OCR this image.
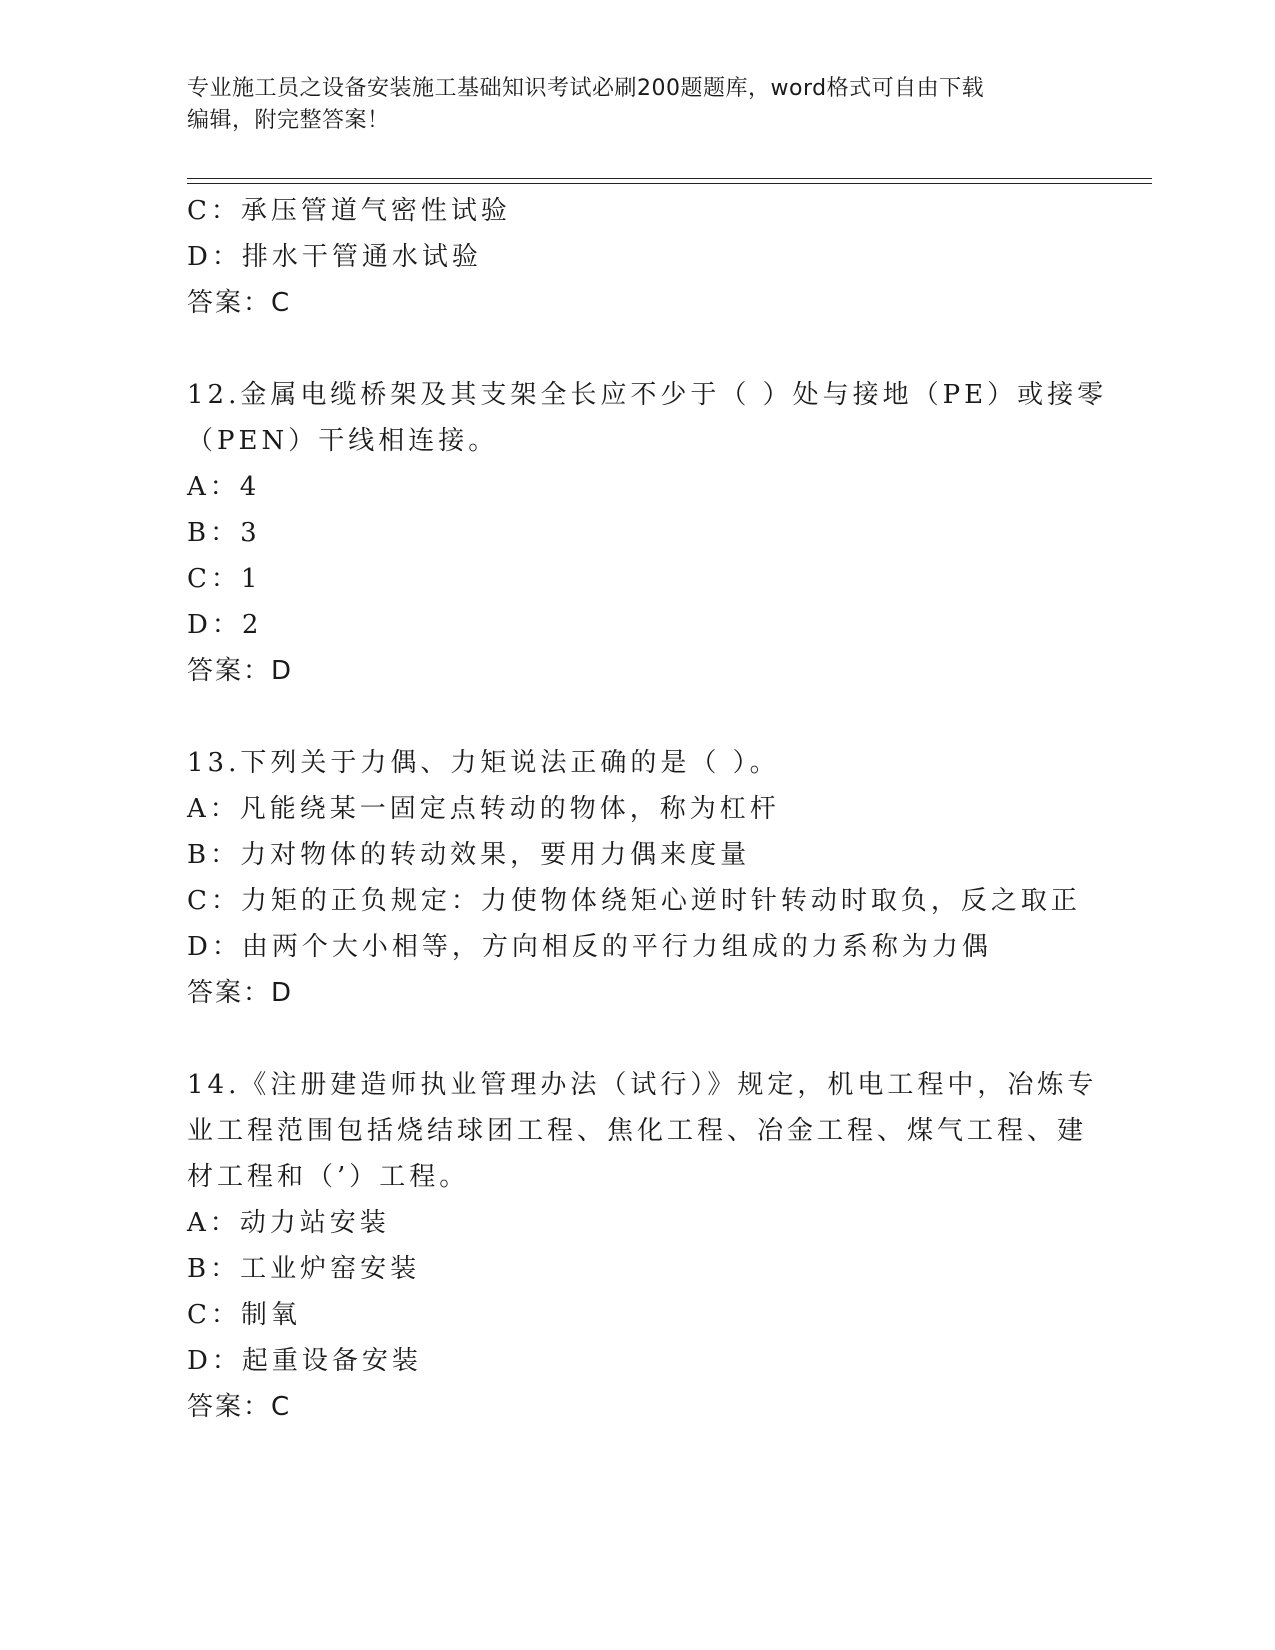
专业施工员之设备安装施工基础知识考试必刷200题题库，word格式可自由下载
编辑，附完整答案！
C：承压管道气密性试验
D：排水干管通水试验
答案：C
12.金属电缆桥架及其支架全长应不少于（ ）处与接地（PE）或接零
（PEN）干线相连接。
A：4
B：3
C：1
D：2
答案：D
13.下列关于力偶、力矩说法正确的是（ ）。
A：凡能绕某一固定点转动的物体，称为杠杆
B：力对物体的转动效果，要用力偶来度量
C：力矩的正负规定：力使物体绕矩心逆时针转动时取负，反之取正
D：由两个大小相等，方向相反的平行力组成的力系称为力偶
答案：D
14.《注册建造师执业管理办法（试行）》规定，机电工程中，冶炼专
业工程范围包括烧结球团工程、焦化工程、冶金工程、煤气工程、建
材工程和（’）工程。
A：动力站安装
B：工业炉窑安装
C：制氧
D：起重设备安装
答案：C
